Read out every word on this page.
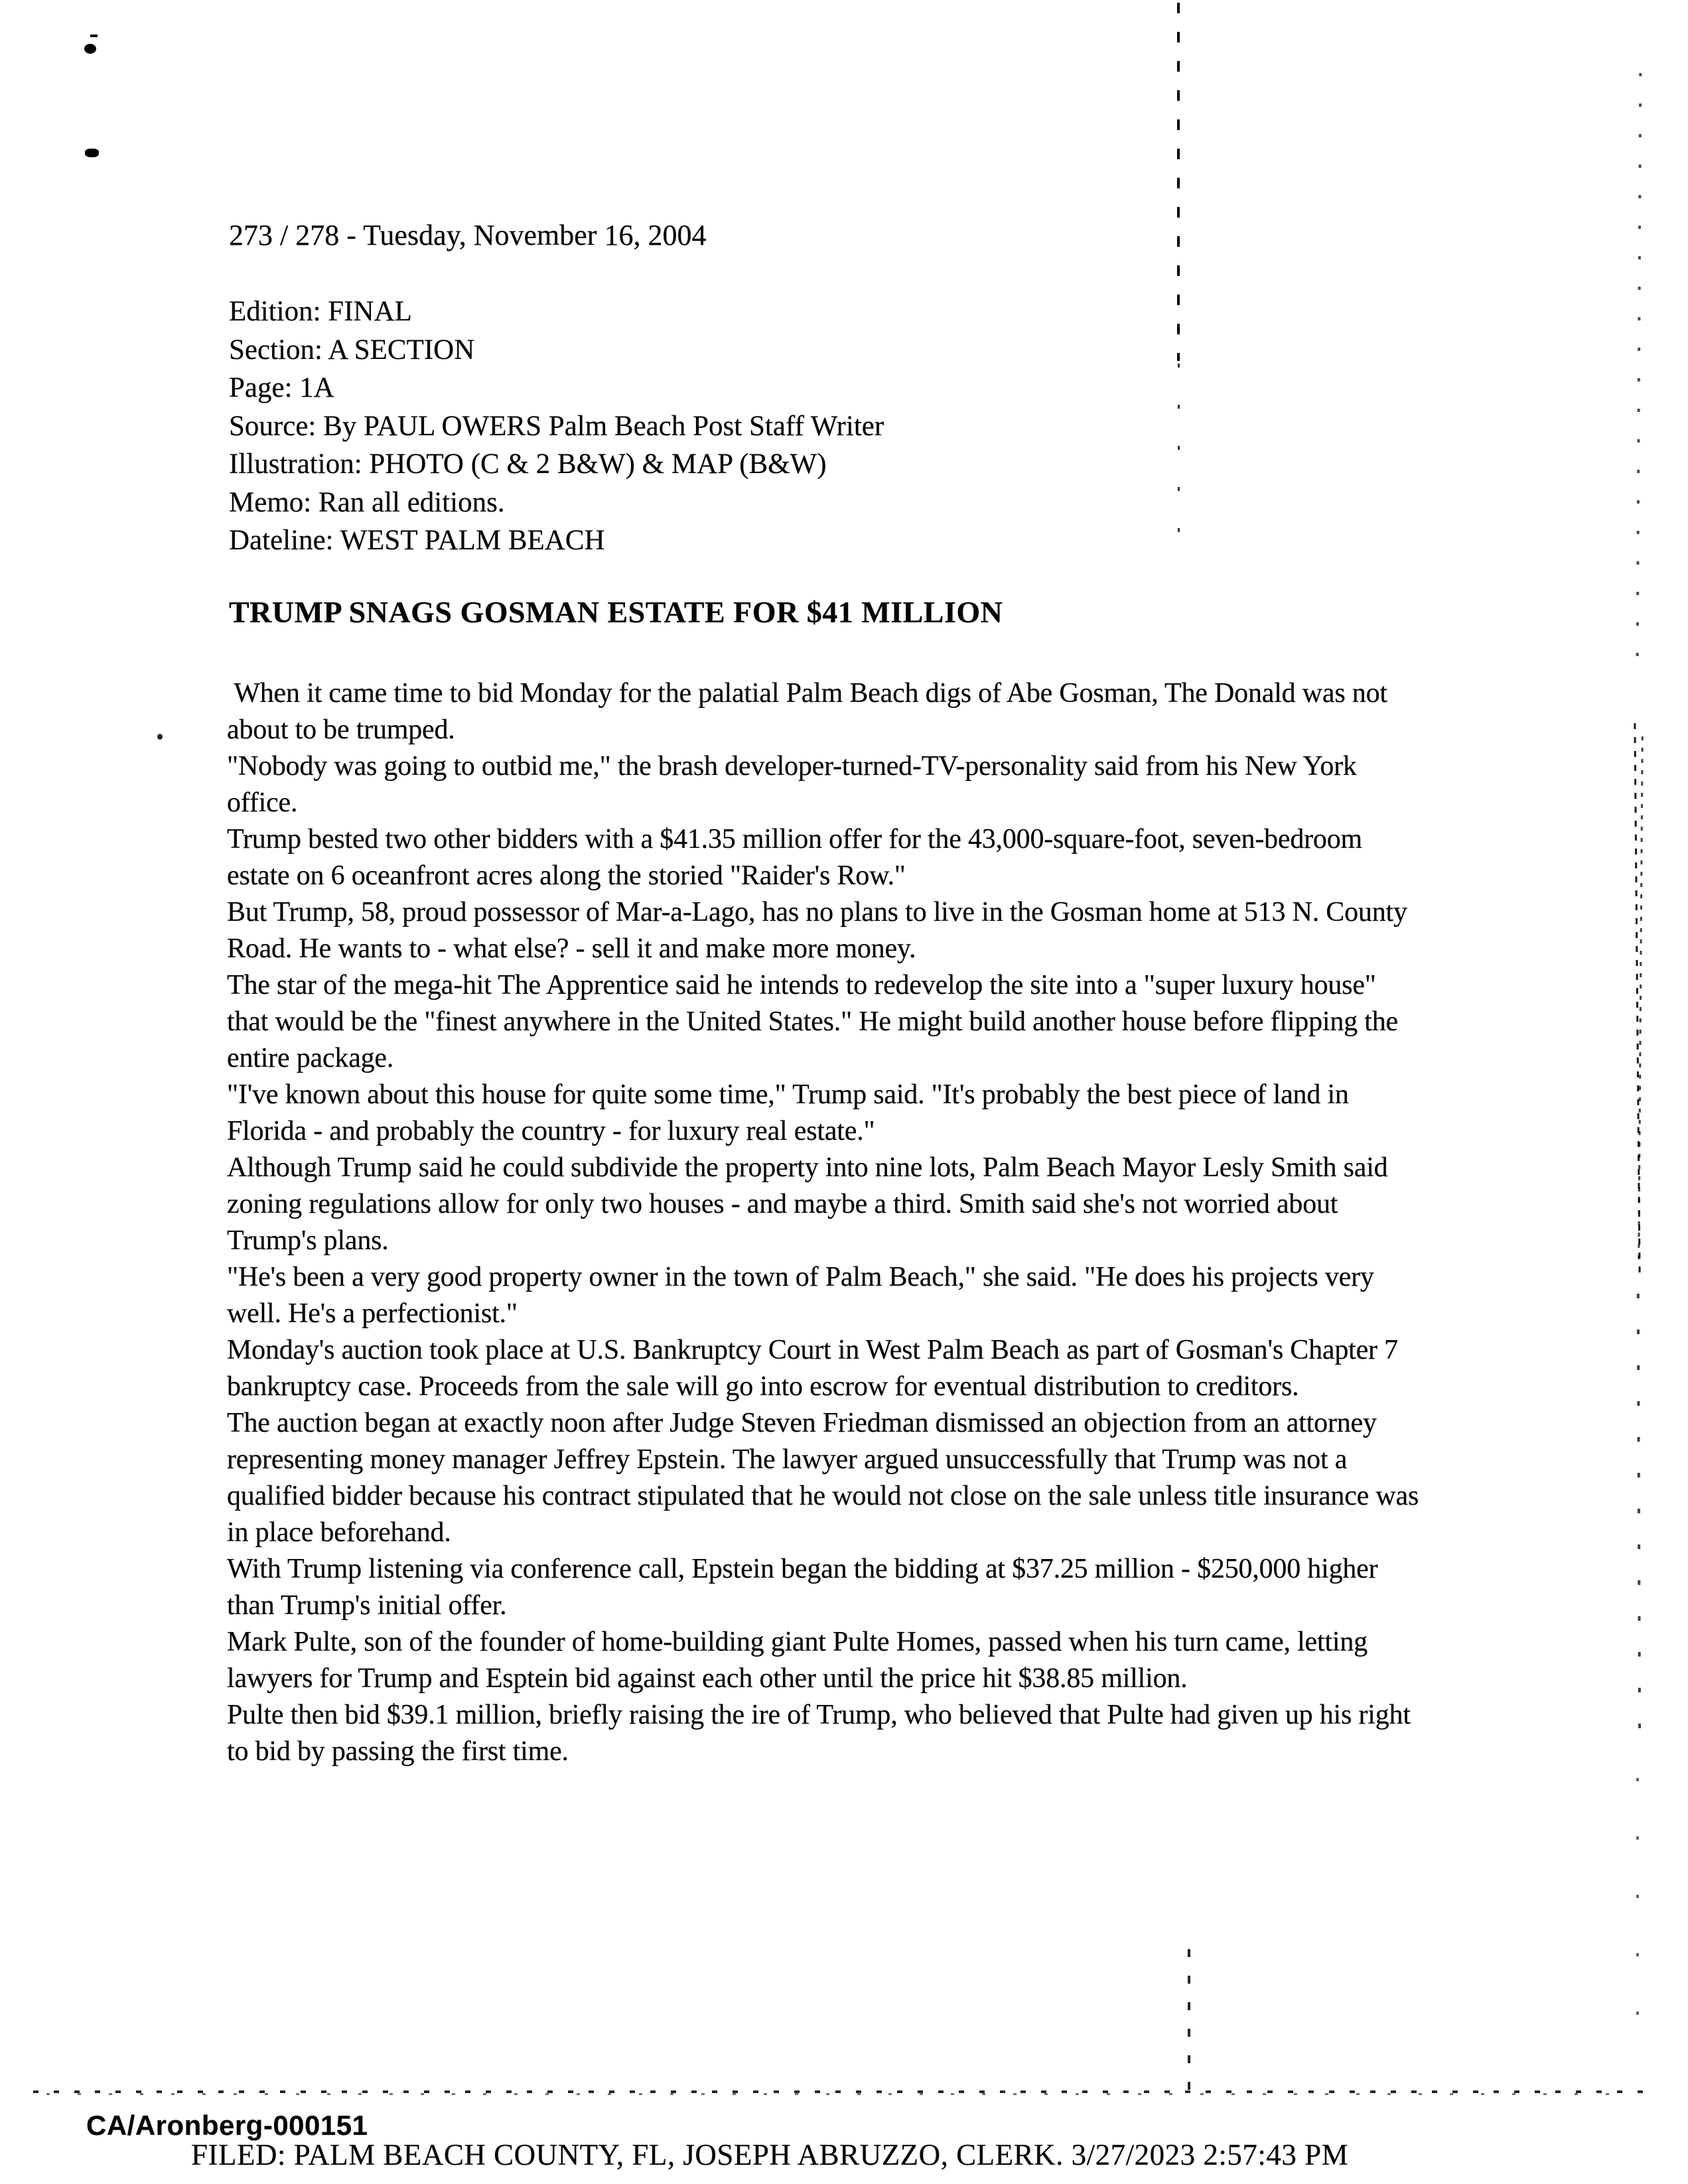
273 / 278 - Tuesday, November 16, 2004
Edition: FINAL
Section: A SECTION
Page: 1A
Source: By PAUL OWERS Palm Beach Post Staff Writer
Illustration: PHOTO (C & 2 B&W) & MAP (B&W)
Memo: Ran all editions.
Dateline: WEST PALM BEACH
TRUMP SNAGS GOSMAN ESTATE FOR $41 MILLION

When it came time to bid Monday for the palatial Palm Beach digs of Abe Gosman, The Donald was not about to be trumped.

"Nobody was going to outbid me," the brash developer-turned-TV-personality said from his New York office.

Trump bested two other bidders with a $41.35 million offer for the 43,000-square-foot, seven-bedroom estate on 6 oceanfront acres along the storied "Raider's Row."

But Trump, 58, proud possessor of Mar-a-Lago, has no plans to live in the Gosman home at 513 N. County Road. He wants to - what else? - sell it and make more money.

The star of the mega-hit The Apprentice said he intends to redevelop the site into a "super luxury house" that would be the "finest anywhere in the United States." He might build another house before flipping the entire package.

"I've known about this house for quite some time," Trump said. "It's probably the best piece of land in Florida - and probably the country - for luxury real estate."

Although Trump said he could subdivide the property into nine lots, Palm Beach Mayor Lesly Smith said zoning regulations allow for only two houses - and maybe a third. Smith said she's not worried about Trump's plans.

"He's been a very good property owner in the town of Palm Beach," she said. "He does his projects very well. He's a perfectionist."

Monday's auction took place at U.S. Bankruptcy Court in West Palm Beach as part of Gosman's Chapter 7 bankruptcy case. Proceeds from the sale will go into escrow for eventual distribution to creditors.

The auction began at exactly noon after Judge Steven Friedman dismissed an objection from an attorney representing money manager Jeffrey Epstein. The lawyer argued unsuccessfully that Trump was not a qualified bidder because his contract stipulated that he would not close on the sale unless title insurance was in place beforehand.

With Trump listening via conference call, Epstein began the bidding at $37.25 million - $250,000 higher than Trump's initial offer.

Mark Pulte, son of the founder of home-building giant Pulte Homes, passed when his turn came, letting lawyers for Trump and Esptein bid against each other until the price hit $38.85 million.

Pulte then bid $39.1 million, briefly raising the ire of Trump, who believed that Pulte had given up his right to bid by passing the first time.

CA/Aronberg-000151
FILED: PALM BEACH COUNTY, FL, JOSEPH ABRUZZO, CLERK. 3/27/2023 2:57:43 PM
